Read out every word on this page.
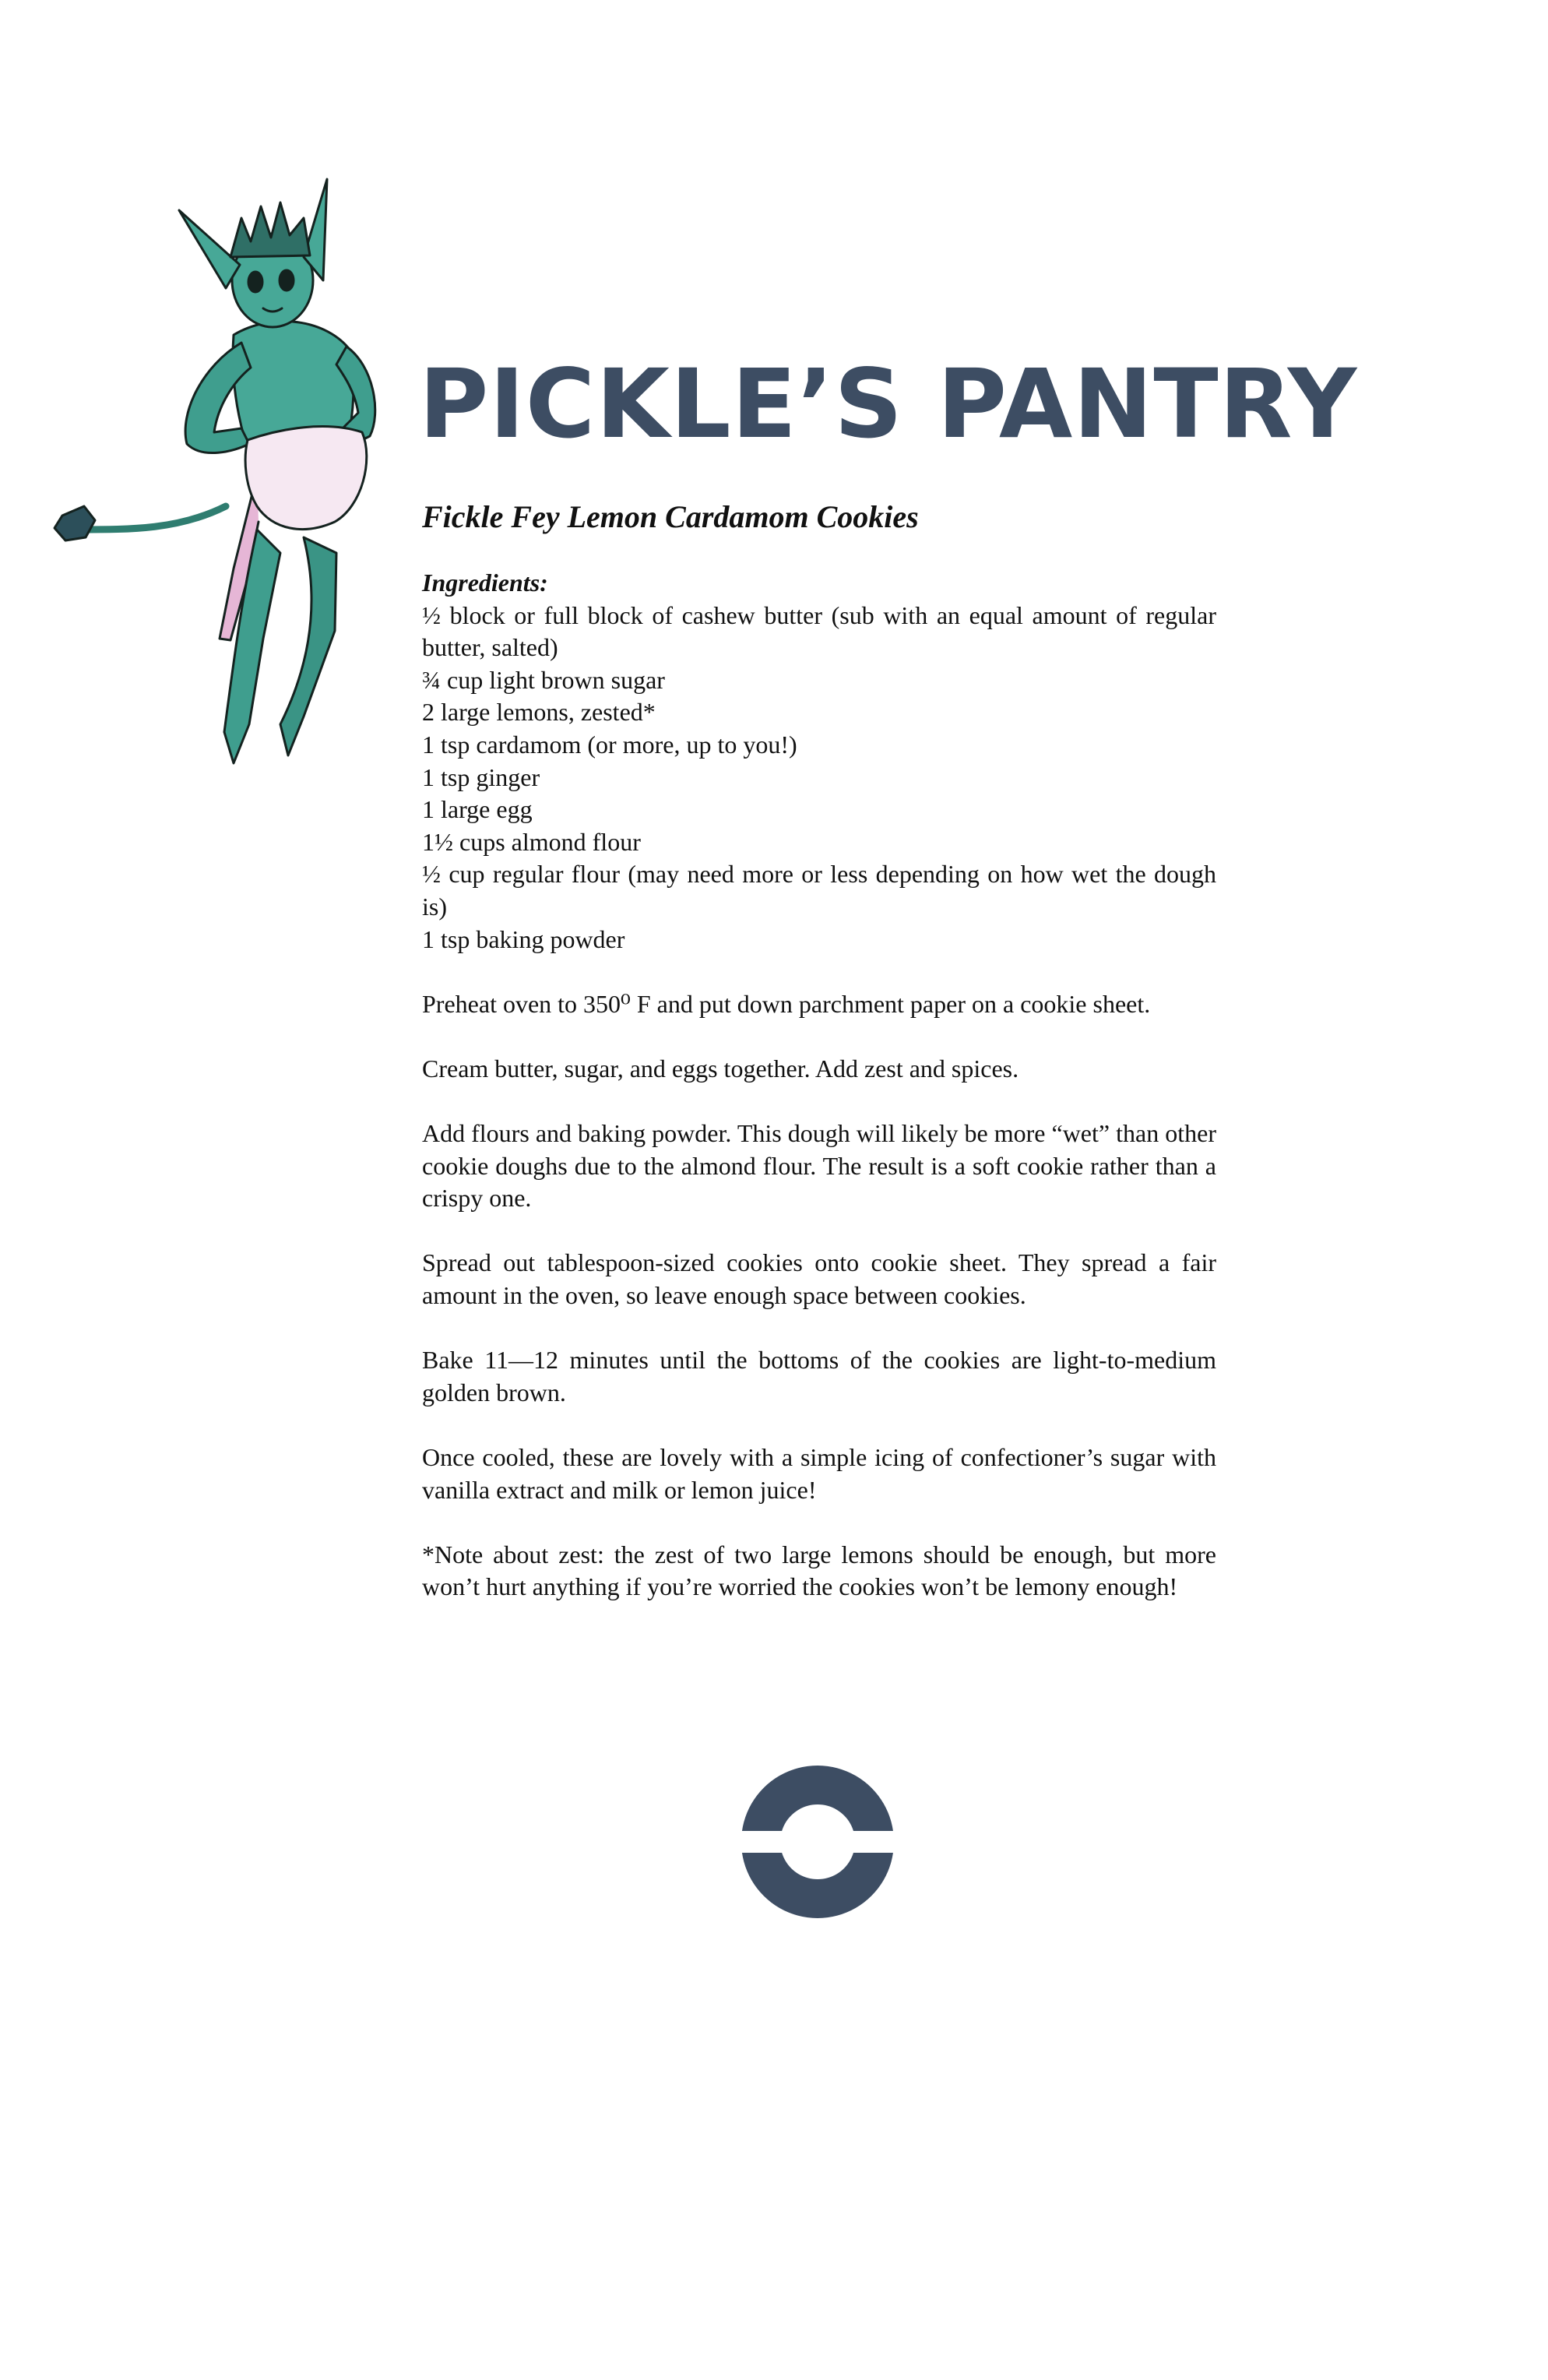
PICKLE’S PANTRY
Fickle Fey Lemon Cardamom Cookies

Ingredients:

½ block or full block of cashew butter (sub with an equal amount of regular butter, salted)
¾ cup light brown sugar
2 large lemons, zested*
1 tsp cardamom (or more, up to you!)
1 tsp ginger
1 large egg
1½ cups almond flour
½ cup regular flour (may need more or less depending on how wet the dough is)
1 tsp baking powder

Preheat oven to 350⁰ F and put down parchment paper on a cookie sheet.

Cream butter, sugar, and eggs together. Add zest and spices.

Add flours and baking powder. This dough will likely be more “wet” than other cookie doughs due to the almond flour. The result is a soft cookie rather than a crispy one.

Spread out tablespoon-sized cookies onto cookie sheet. They spread a fair amount in the oven, so leave enough space between cookies.

Bake 11—12 minutes until the bottoms of the cookies are light-to-medium golden brown.

Once cooled, these are lovely with a simple icing of confectioner’s sugar with vanilla extract and milk or lemon juice!

*Note about zest: the zest of two large lemons should be enough, but more won’t hurt anything if you’re worried the cookies won’t be lemony enough!
